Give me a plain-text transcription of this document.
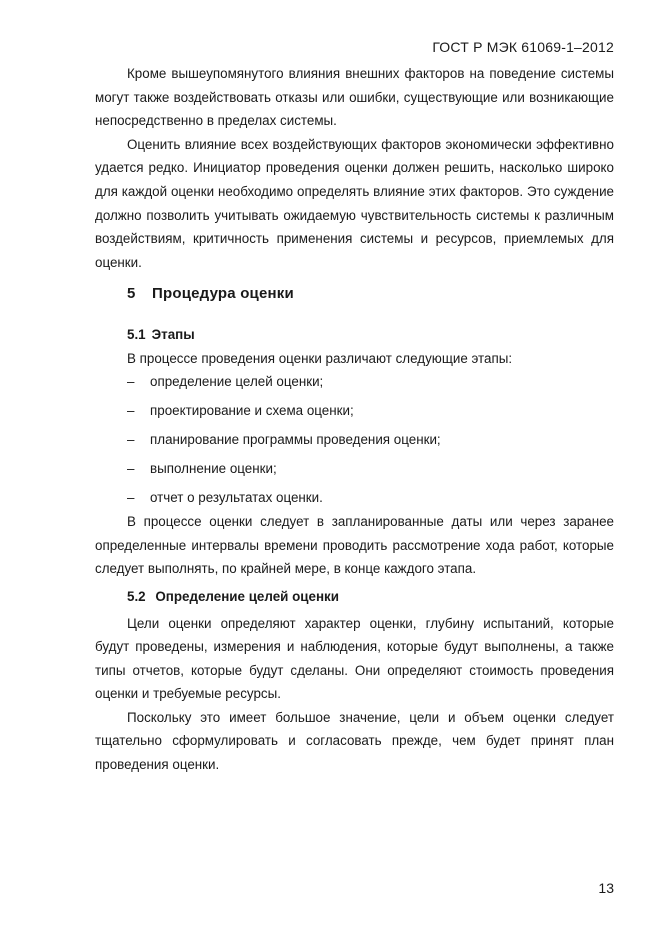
ГОСТ Р МЭК 61069-1–2012

Кроме вышеупомянутого влияния внешних факторов на поведение системы могут также воздействовать отказы или ошибки, существующие или возникающие непосредственно в пределах системы.

Оценить влияние всех воздействующих факторов экономически эффективно удается редко. Инициатор проведения оценки должен решить, насколько широко для каждой оценки необходимо определять влияние этих факторов. Это суждение должно позволить учитывать ожидаемую чувствительность системы к различным воздействиям, критичность применения системы и ресурсов, приемлемых для оценки.

5 Процедура оценки
5.1 Этапы

В процессе проведения оценки различают следующие этапы:

– определение целей оценки;
– проектирование и схема оценки;
– планирование программы проведения оценки;
– выполнение оценки;
– отчет о результатах оценки.

В процессе оценки следует в запланированные даты или через заранее определенные интервалы времени проводить рассмотрение хода работ, которые следует выполнять, по крайней мере, в конце каждого этапа.

5.2 Определение целей оценки

Цели оценки определяют характер оценки, глубину испытаний, которые будут проведены, измерения и наблюдения, которые будут выполнены, а также типы отчетов, которые будут сделаны. Они определяют стоимость проведения оценки и требуемые ресурсы.

Поскольку это имеет большое значение, цели и объем оценки следует тщательно сформулировать и согласовать прежде, чем будет принят план проведения оценки.

13
